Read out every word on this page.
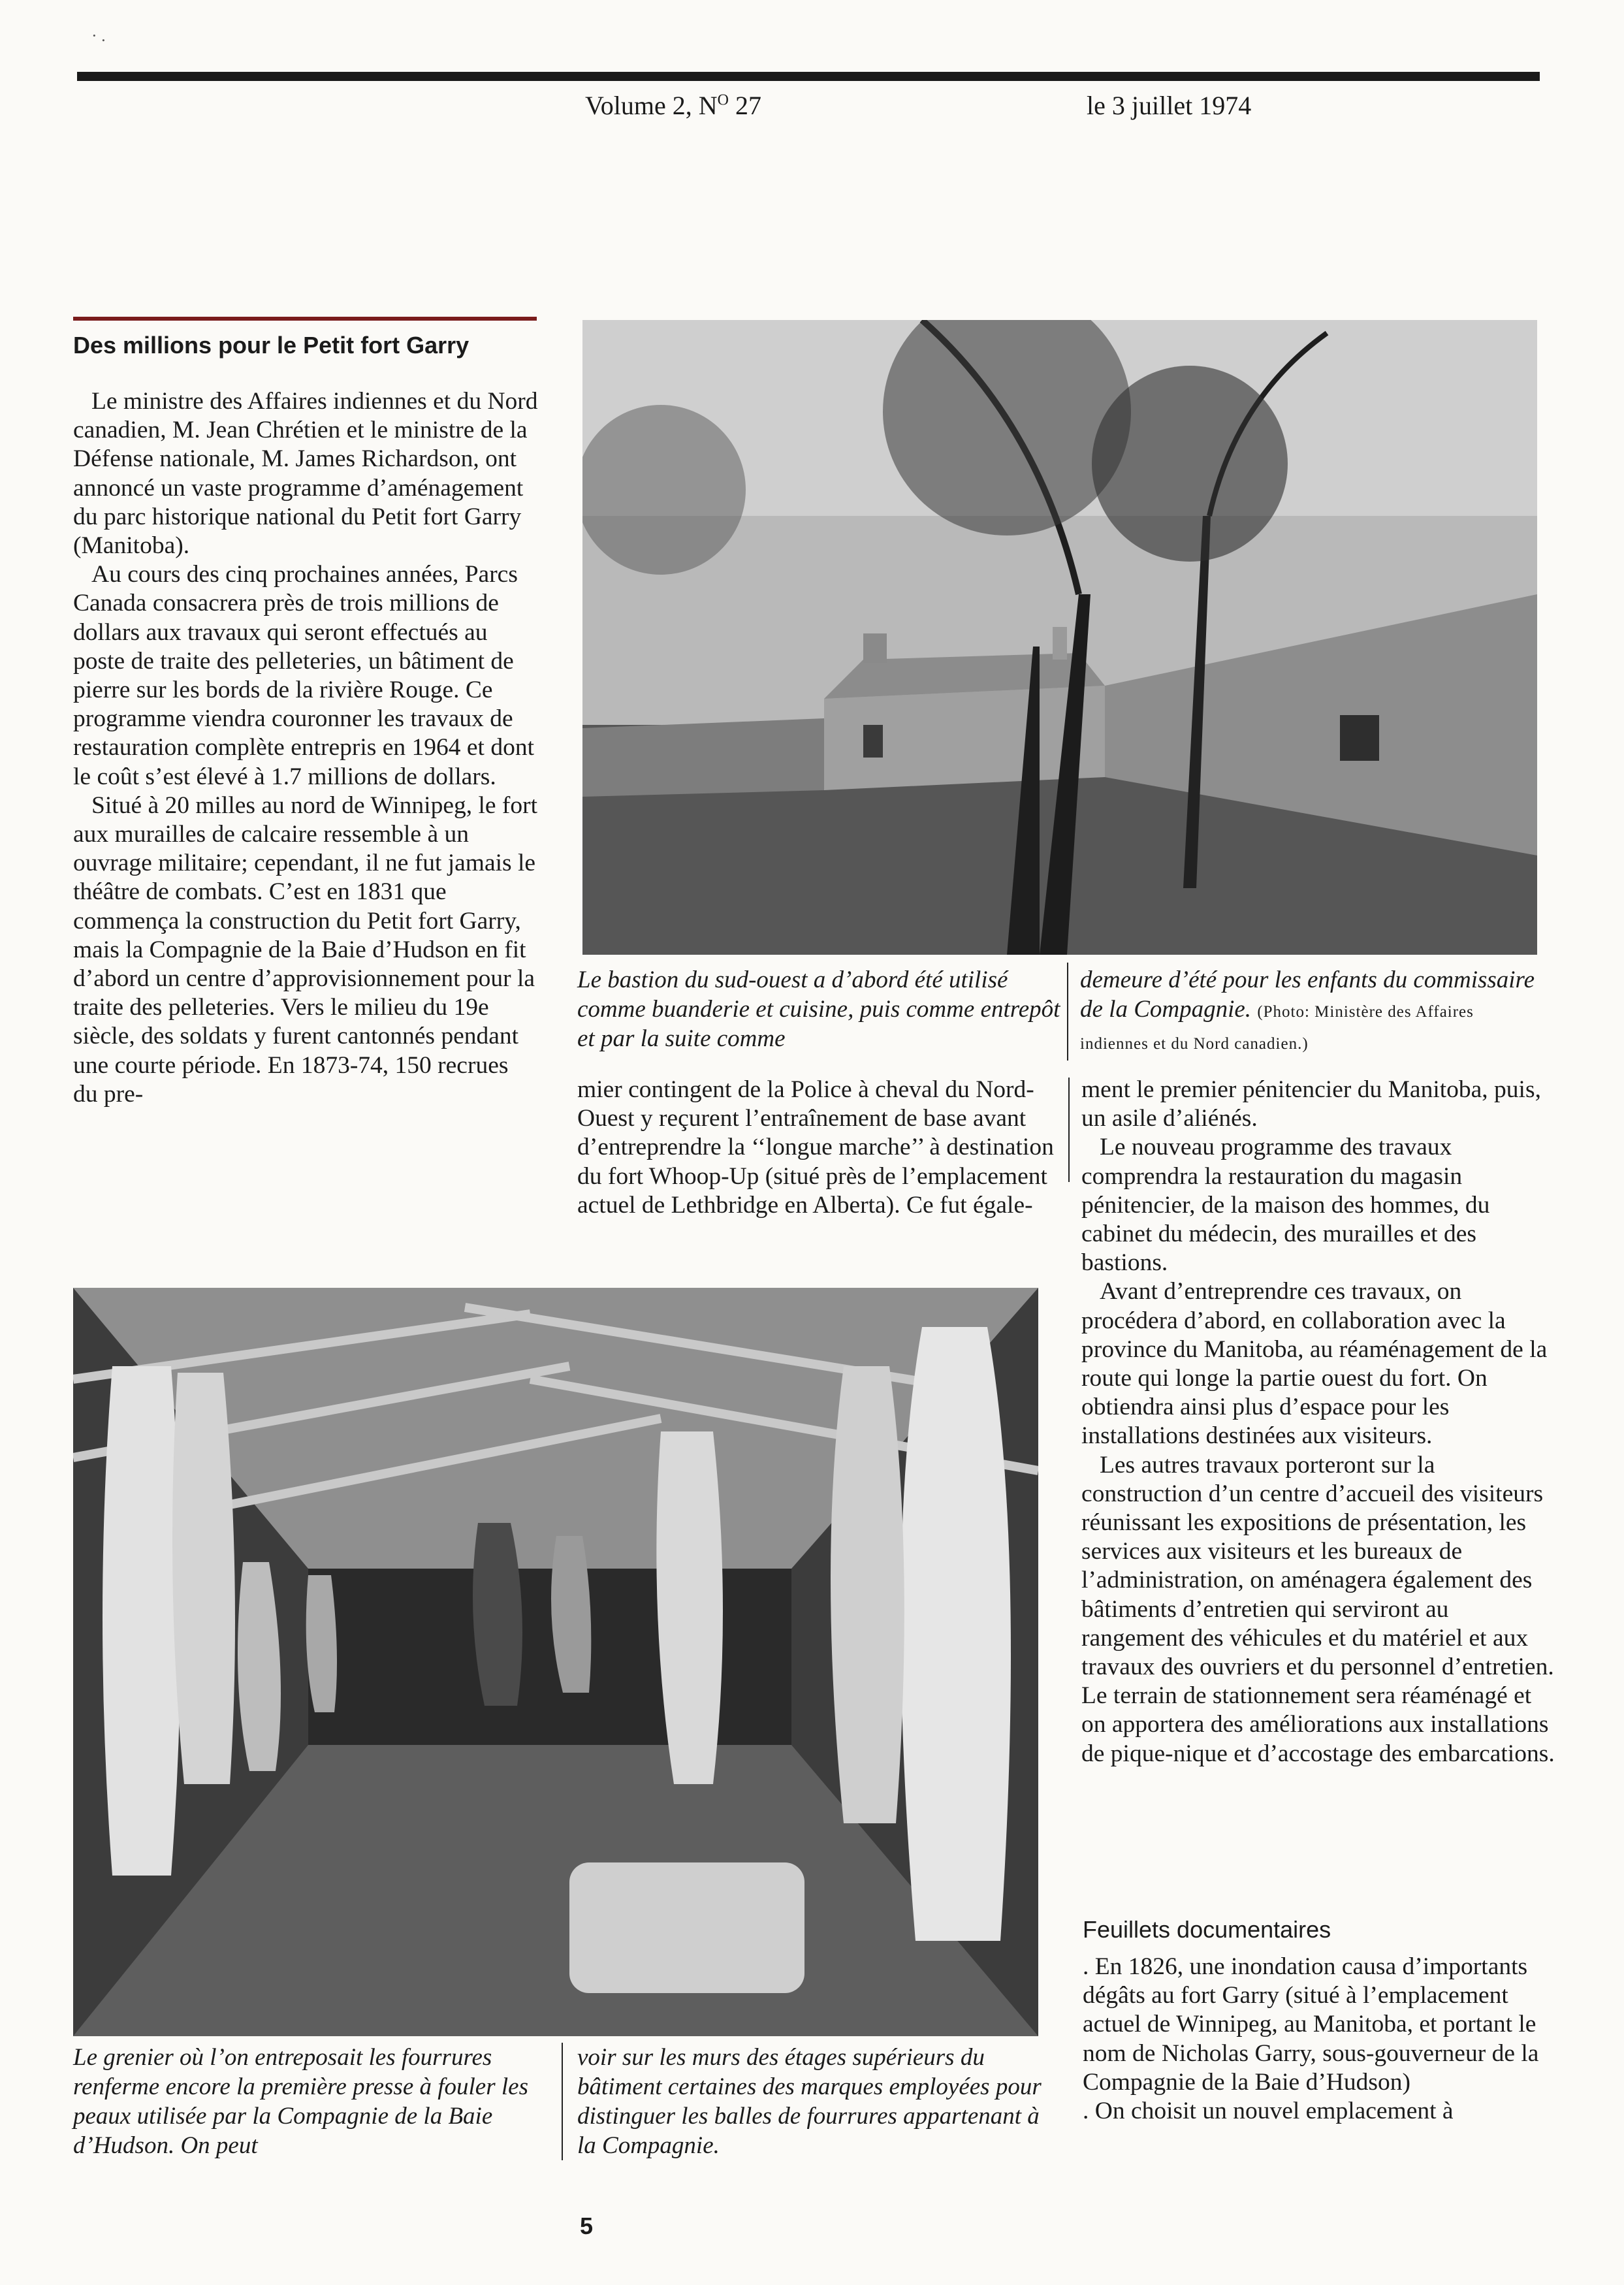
· .
Volume 2, $N^O$ 27	le 3 juillet 1974
Des millions pour le Petit fort Garry

Le ministre des Affaires indiennes et du Nord canadien, M. Jean Chrétien et le ministre de la Défense nationale, M. James Richardson, ont annoncé un vaste programme d’aménagement du parc historique national du Petit fort Garry (Manitoba).

Au cours des cinq prochaines années, Parcs Canada consacrera près de trois millions de dollars aux travaux qui seront effectués au poste de traite des pelleteries, un bâtiment de pierre sur les bords de la rivière Rouge. Ce programme viendra couronner les travaux de restauration complète entrepris en 1964 et dont le coût s’est élevé à 1.7 millions de dollars.

Situé à 20 milles au nord de Winnipeg, le fort aux murailles de calcaire ressemble à un ouvrage militaire; cependant, il ne fut jamais le théâtre de combats. C’est en 1831 que commença la construction du Petit fort Garry, mais la Compagnie de la Baie d’Hudson en fit d’abord un centre d’approvisionnement pour la traite des pelleteries. Vers le milieu du 19e siècle, des soldats y furent cantonnés pendant une courte période. En 1873-74, 150 recrues du pre-

Le bastion du sud-ouest a d’abord été utilisé comme buanderie et cuisine, puis comme entrepôt et par la suite comme
demeure d’été pour les enfants du commissaire de la Compagnie. (Photo: Ministère des Affaires indiennes et du Nord canadien.)

mier contingent de la Police à cheval du Nord-Ouest y reçurent l’entraînement de base avant d’entreprendre la ‘‘longue marche’’ à destination du fort Whoop-Up (situé près de l’emplacement actuel de Lethbridge en Alberta). Ce fut égale-

ment le premier pénitencier du Manitoba, puis, un asile d’aliénés.

Le nouveau programme des travaux comprendra la restauration du magasin pénitencier, de la maison des hommes, du cabinet du médecin, des murailles et des bastions.

Avant d’entreprendre ces travaux, on procédera d’abord, en collaboration avec la province du Manitoba, au réaménagement de la route qui longe la partie ouest du fort. On obtiendra ainsi plus d’espace pour les installations destinées aux visiteurs.

Les autres travaux porteront sur la construction d’un centre d’accueil des visiteurs réunissant les expositions de présentation, les services aux visiteurs et les bureaux de l’administration, on aménagera également des bâtiments d’entretien qui serviront au rangement des véhicules et du matériel et aux travaux des ouvriers et du personnel d’entretien. Le terrain de stationnement sera réaménagé et on apportera des améliorations aux installations de pique-nique et d’accostage des embarcations.

Feuillets documentaires

. En 1826, une inondation causa d’importants dégâts au fort Garry (situé à l’emplacement actuel de Winnipeg, au Manitoba, et portant le nom de Nicholas Garry, sous-gouverneur de la Compagnie de la Baie d’Hudson)

. On choisit un nouvel emplacement à

Le grenier où l’on entreposait les fourrures renferme encore la première presse à fouler les peaux utilisée par la Compagnie de la Baie d’Hudson. On peut
voir sur les murs des étages supérieurs du bâtiment certaines des marques employées pour distinguer les balles de fourrures appartenant à la Compagnie.
5
